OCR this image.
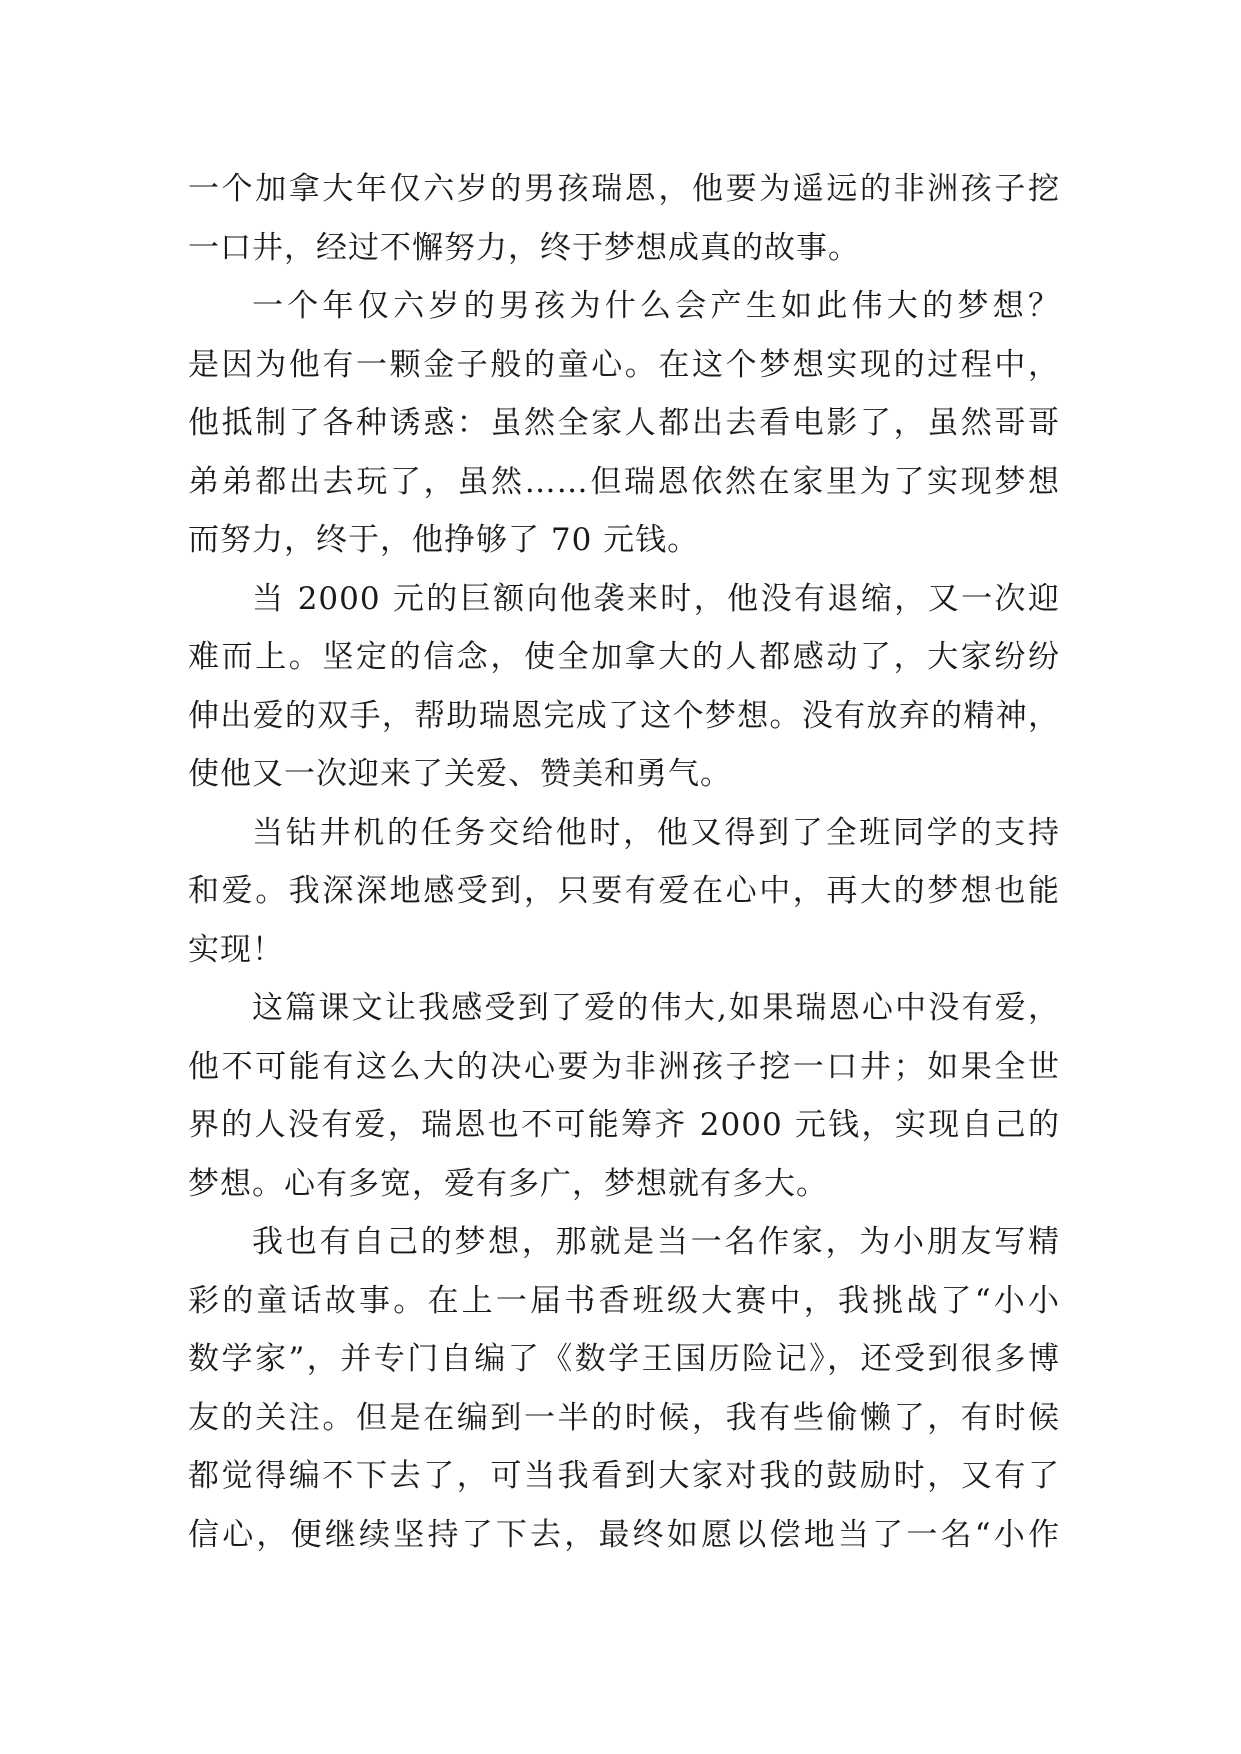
一个加拿大年仅六岁的男孩瑞恩，他要为遥远的非洲孩子挖
一口井，经过不懈努力，终于梦想成真的故事。
一个年仅六岁的男孩为什么会产生如此伟大的梦想？
是因为他有一颗金子般的童心。在这个梦想实现的过程中，
他抵制了各种诱惑：虽然全家人都出去看电影了，虽然哥哥
弟弟都出去玩了，虽然……但瑞恩依然在家里为了实现梦想
而努力，终于，他挣够了 70 元钱。
当 2000 元的巨额向他袭来时，他没有退缩，又一次迎
难而上。坚定的信念，使全加拿大的人都感动了，大家纷纷
伸出爱的双手，帮助瑞恩完成了这个梦想。没有放弃的精神，
使他又一次迎来了关爱、赞美和勇气。
当钻井机的任务交给他时，他又得到了全班同学的支持
和爱。我深深地感受到，只要有爱在心中，再大的梦想也能
实现！
这篇课文让我感受到了爱的伟大,如果瑞恩心中没有爱，
他不可能有这么大的决心要为非洲孩子挖一口井；如果全世
界的人没有爱，瑞恩也不可能筹齐 2000 元钱，实现自己的
梦想。心有多宽，爱有多广，梦想就有多大。
我也有自己的梦想，那就是当一名作家，为小朋友写精
彩的童话故事。在上一届书香班级大赛中，我挑战了“小小
数学家”，并专门自编了《数学王国历险记》，还受到很多博
友的关注。但是在编到一半的时候，我有些偷懒了，有时候
都觉得编不下去了，可当我看到大家对我的鼓励时，又有了
信心，便继续坚持了下去，最终如愿以偿地当了一名“小作
